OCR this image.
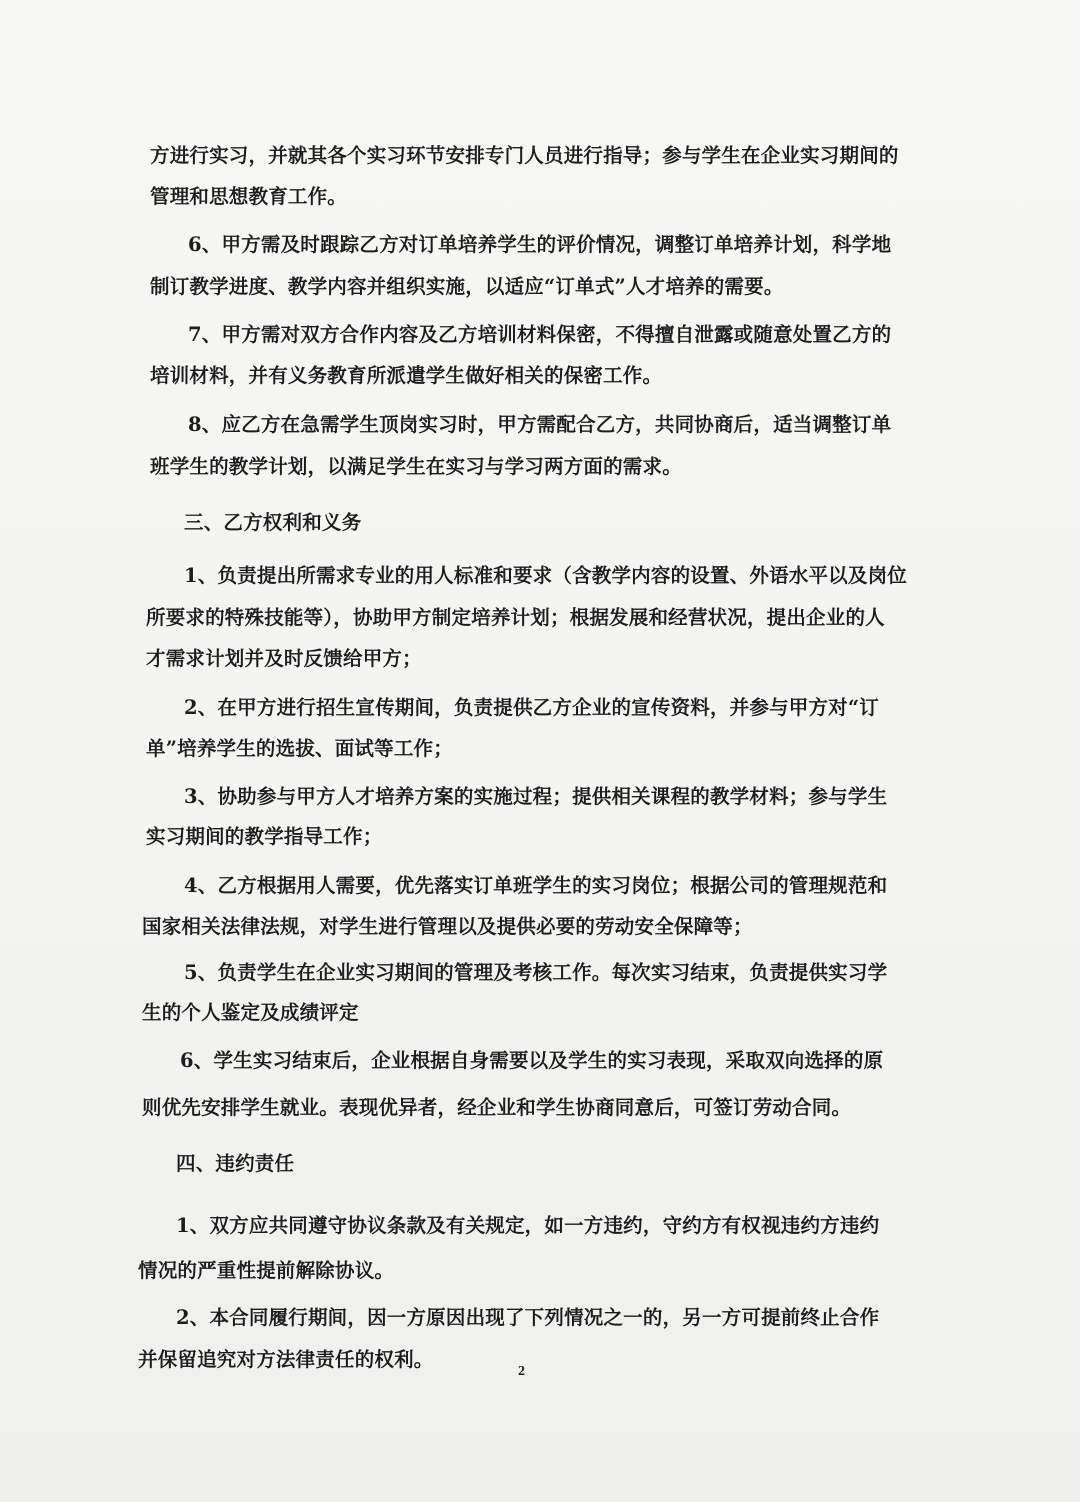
方进行实习，并就其各个实习环节安排专门人员进行指导；参与学生在企业实习期间的
管理和思想教育工作。
6、甲方需及时跟踪乙方对订单培养学生的评价情况，调整订单培养计划，科学地
制订教学进度、教学内容并组织实施，以适应“订单式”人才培养的需要。
7、甲方需对双方合作内容及乙方培训材料保密，不得擅自泄露或随意处置乙方的
培训材料，并有义务教育所派遣学生做好相关的保密工作。
8、应乙方在急需学生顶岗实习时，甲方需配合乙方，共同协商后，适当调整订单
班学生的教学计划，以满足学生在实习与学习两方面的需求。
三、乙方权利和义务
1、负责提出所需求专业的用人标准和要求（含教学内容的设置、外语水平以及岗位
所要求的特殊技能等），协助甲方制定培养计划；根据发展和经营状况，提出企业的人
才需求计划并及时反馈给甲方；
2、在甲方进行招生宣传期间，负责提供乙方企业的宣传资料，并参与甲方对“订
单”培养学生的选拔、面试等工作；
3、协助参与甲方人才培养方案的实施过程；提供相关课程的教学材料；参与学生
实习期间的教学指导工作；
4、乙方根据用人需要，优先落实订单班学生的实习岗位；根据公司的管理规范和
国家相关法律法规，对学生进行管理以及提供必要的劳动安全保障等；
5、负责学生在企业实习期间的管理及考核工作。每次实习结束，负责提供实习学
生的个人鉴定及成绩评定
6、学生实习结束后，企业根据自身需要以及学生的实习表现，采取双向选择的原
则优先安排学生就业。表现优异者，经企业和学生协商同意后，可签订劳动合同。
四、违约责任
1、双方应共同遵守协议条款及有关规定，如一方违约，守约方有权视违约方违约
情况的严重性提前解除协议。
2、本合同履行期间，因一方原因出现了下列情况之一的，另一方可提前终止合作
并保留追究对方法律责任的权利。
2
